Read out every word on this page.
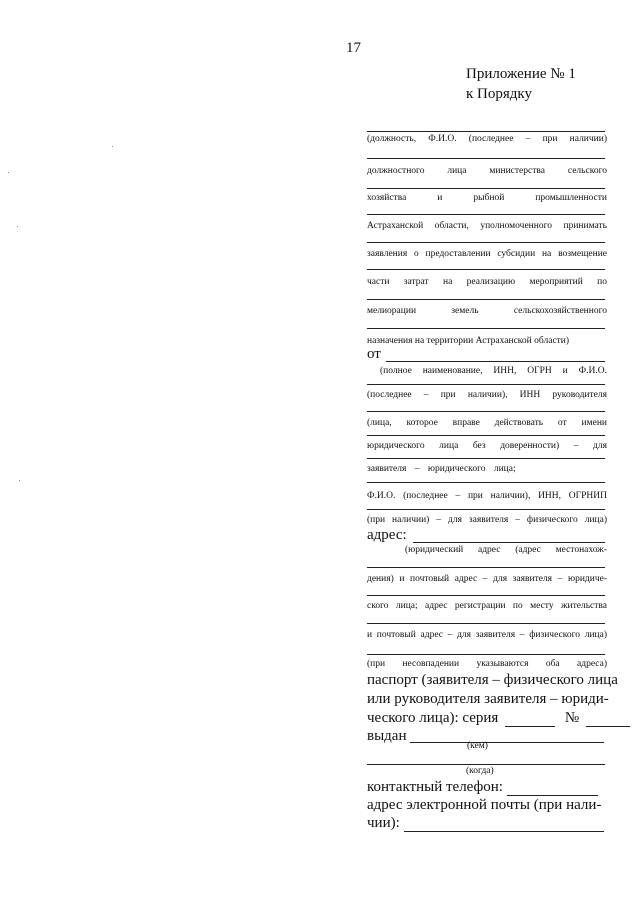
17
Приложение № 1
к Порядку
(должность, Ф.И.О. (последнее – при наличии)
должностного лица министерства сельского
хозяйства и рыбной промышленности
Астраханской области, уполномоченного принимать
заявления о предоставлении субсидии на возмещение
части затрат на реализацию мероприятий по
мелиорации земель сельскохозяйственного
назначения на территории Астраханской области)
от
(полное наименование, ИНН, ОГРН и Ф.И.О.
(последнее – при наличии), ИНН руководителя
(лица, которое вправе действовать от имени
юридического лица без доверенности) – для
заявителя – юридического лица;
Ф.И.О. (последнее – при наличии), ИНН, ОГРНИП
(при наличии) – для заявителя – физического лица)
адрес:
(юридический адрес (адрес местонахож-
дения) и почтовый адрес – для заявителя – юридиче-
ского лица; адрес регистрации по месту жительства
и почтовый адрес – для заявителя – физического лица)
(при несовпадении указываются оба адреса)
паспорт (заявителя – физического лица
или руководителя заявителя – юриди-
ческого лица): серия	№
выдан
(кем)
(когда)
контактный телефон:
адрес электронной почты (при нали-
чии):
